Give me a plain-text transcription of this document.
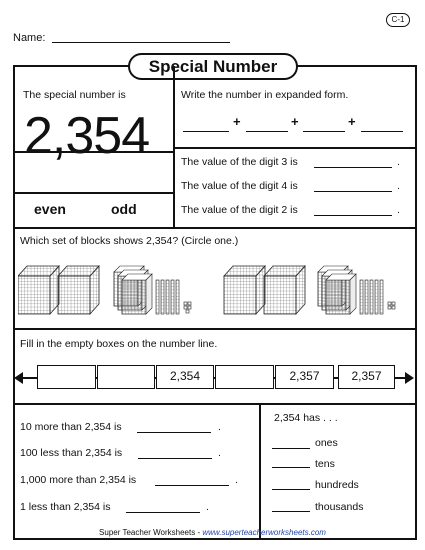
C-1
Name:
Special Number
The special number is
2,354
even	odd
Write the number in expanded form.
+	+	+
The value of the digit 3 is	.
The value of the digit 4 is	.
The value of the digit 2 is	.
Which set of blocks shows 2,354? (Circle one.)
Fill in the empty boxes on the number line.
2,354	2,357	2,357
10 more than 2,354 is	.
100 less than 2,354 is	.
1,000 more than 2,354 is	.
1 less than 2,354 is	.
2,354 has . . .
ones
tens
hundreds
thousands
Super Teacher Worksheets - www.superteacherworksheets.com
